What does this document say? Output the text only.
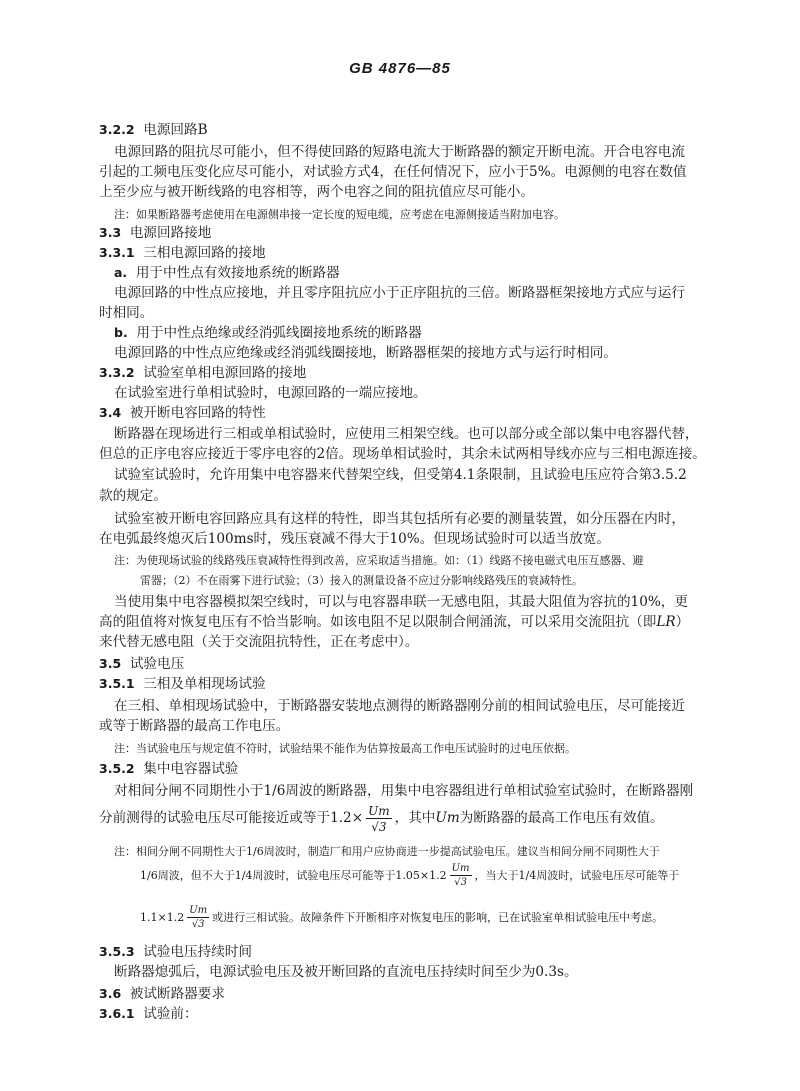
GB 4876—85
3.2.2 电源回路B
电源回路的阻抗尽可能小，但不得使回路的短路电流大于断路器的额定开断电流。开合电容电流
引起的工频电压变化应尽可能小，对试验方式4，在任何情况下，应小于5%。电源侧的电容在数值
上至少应与被开断线路的电容相等，两个电容之间的阻抗值应尽可能小。
注：如果断路器考虑使用在电源侧串接一定长度的短电缆，应考虑在电源侧接适当附加电容。
3.3 电源回路接地
3.3.1 三相电源回路的接地
a. 用于中性点有效接地系统的断路器
电源回路的中性点应接地，并且零序阻抗应小于正序阻抗的三倍。断路器框架接地方式应与运行
时相同。
b. 用于中性点绝缘或经消弧线圈接地系统的断路器
电源回路的中性点应绝缘或经消弧线圈接地，断路器框架的接地方式与运行时相同。
3.3.2 试验室单相电源回路的接地
在试验室进行单相试验时，电源回路的一端应接地。
3.4 被开断电容回路的特性
断路器在现场进行三相或单相试验时，应使用三相架空线。也可以部分或全部以集中电容器代替，
但总的正序电容应接近于零序电容的2倍。现场单相试验时，其余未试两相导线亦应与三相电源连接。
试验室试验时，允许用集中电容器来代替架空线，但受第4.1条限制，且试验电压应符合第3.5.2
款的规定。
试验室被开断电容回路应具有这样的特性，即当其包括所有必要的测量装置，如分压器在内时，
在电弧最终熄灭后100ms时，残压衰减不得大于10%。但现场试验时可以适当放宽。
注：为使现场试验的线路残压衰减特性得到改善，应采取适当措施。如：（1）线路不接电磁式电压互感器、避
雷器；（2）不在雨雾下进行试验；（3）接入的测量设备不应过分影响线路残压的衰减特性。
当使用集中电容器模拟架空线时，可以与电容器串联一无感电阻，其最大阻值为容抗的10%，更
高的阻值将对恢复电压有不恰当影响。如该电阻不足以限制合闸涌流，可以采用交流阻抗（即LR）
来代替无感电阻（关于交流阻抗特性，正在考虑中）。
3.5 试验电压
3.5.1 三相及单相现场试验
在三相、单相现场试验中，于断路器安装地点测得的断路器刚分前的相间试验电压，尽可能接近
或等于断路器的最高工作电压。
注：当试验电压与规定值不符时，试验结果不能作为估算按最高工作电压试验时的过电压依据。
3.5.2 集中电容器试验
对相间分闸不同期性小于1/6周波的断路器，用集中电容器组进行单相试验室试验时，在断路器刚
分前测得的试验电压尽可能接近或等于$1.2\times \frac{Um}{√3}$ ，其中Um为断路器的最高工作电压有效值。
注：相间分闸不同期性大于1/6周波时，制造厂和用户应协商进一步提高试验电压。建议当相间分闸不同期性大于
1/6周波，但不大于1/4周波时，试验电压尽可能等于$1.05\times 1.2 \frac{Um}{√3}$ ，当大于1/4周波时，试验电压尽可能等于
$1.1\times 1.2 \frac{Um}{√3}$ 或进行三相试验。故障条件下开断相序对恢复电压的影响，已在试验室单相试验电压中考虑。
3.5.3 试验电压持续时间
断路器熄弧后，电源试验电压及被开断回路的直流电压持续时间至少为0.3s。
3.6 被试断路器要求
3.6.1 试验前：
